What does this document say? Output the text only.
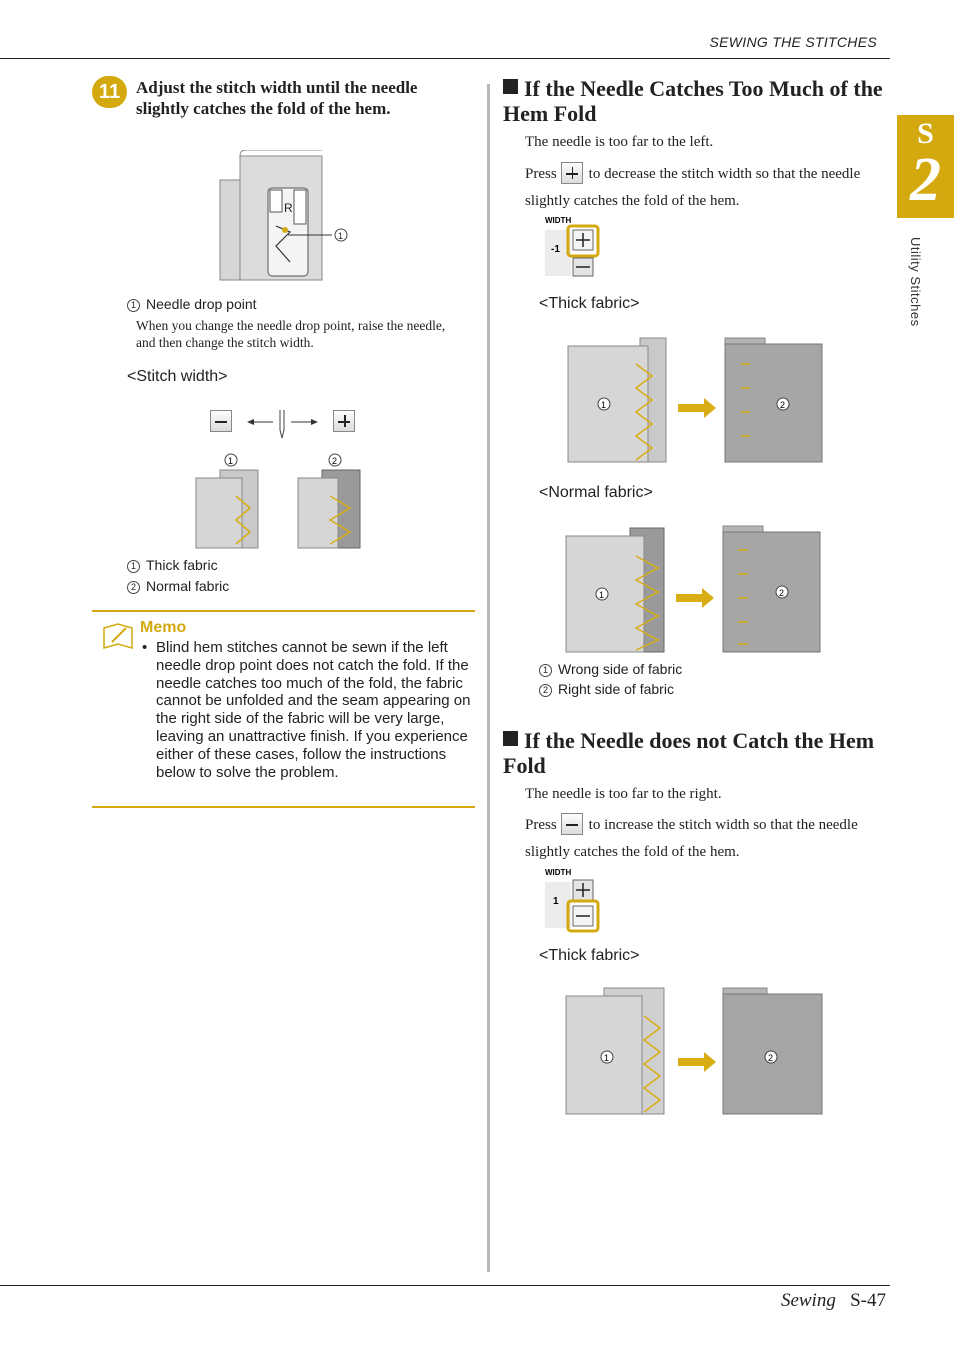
SEWING THE STITCHES
S
2
Utility Stitches
11 Adjust the stitch width until the needle slightly catches the fold of the hem.
R
1
1 Needle drop point
When you change the needle drop point, raise the needle, and then change the stitch width.
<Stitch width>
1	2
1 Thick fabric
2 Normal fabric
Memo
• Blind hem stitches cannot be sewn if the left needle drop point does not catch the fold. If the needle catches too much of the fold, the fabric cannot be unfolded and the seam appearing on the right side of the fabric will be very large, leaving an unattractive finish. If you experience either of these cases, follow the instructions below to solve the problem.
If the Needle Catches Too Much of the Hem Fold
The needle is too far to the left.
Press to decrease the stitch width so that the needle slightly catches the fold of the hem.
WIDTH
-1
<Thick fabric>
1	2
<Normal fabric>
1	2
1 Wrong side of fabric
2 Right side of fabric
If the Needle does not Catch the Hem Fold
The needle is too far to the right.
Press to increase the stitch width so that the needle slightly catches the fold of the hem.
WIDTH
1
<Thick fabric>
1	2
Sewing S-47
